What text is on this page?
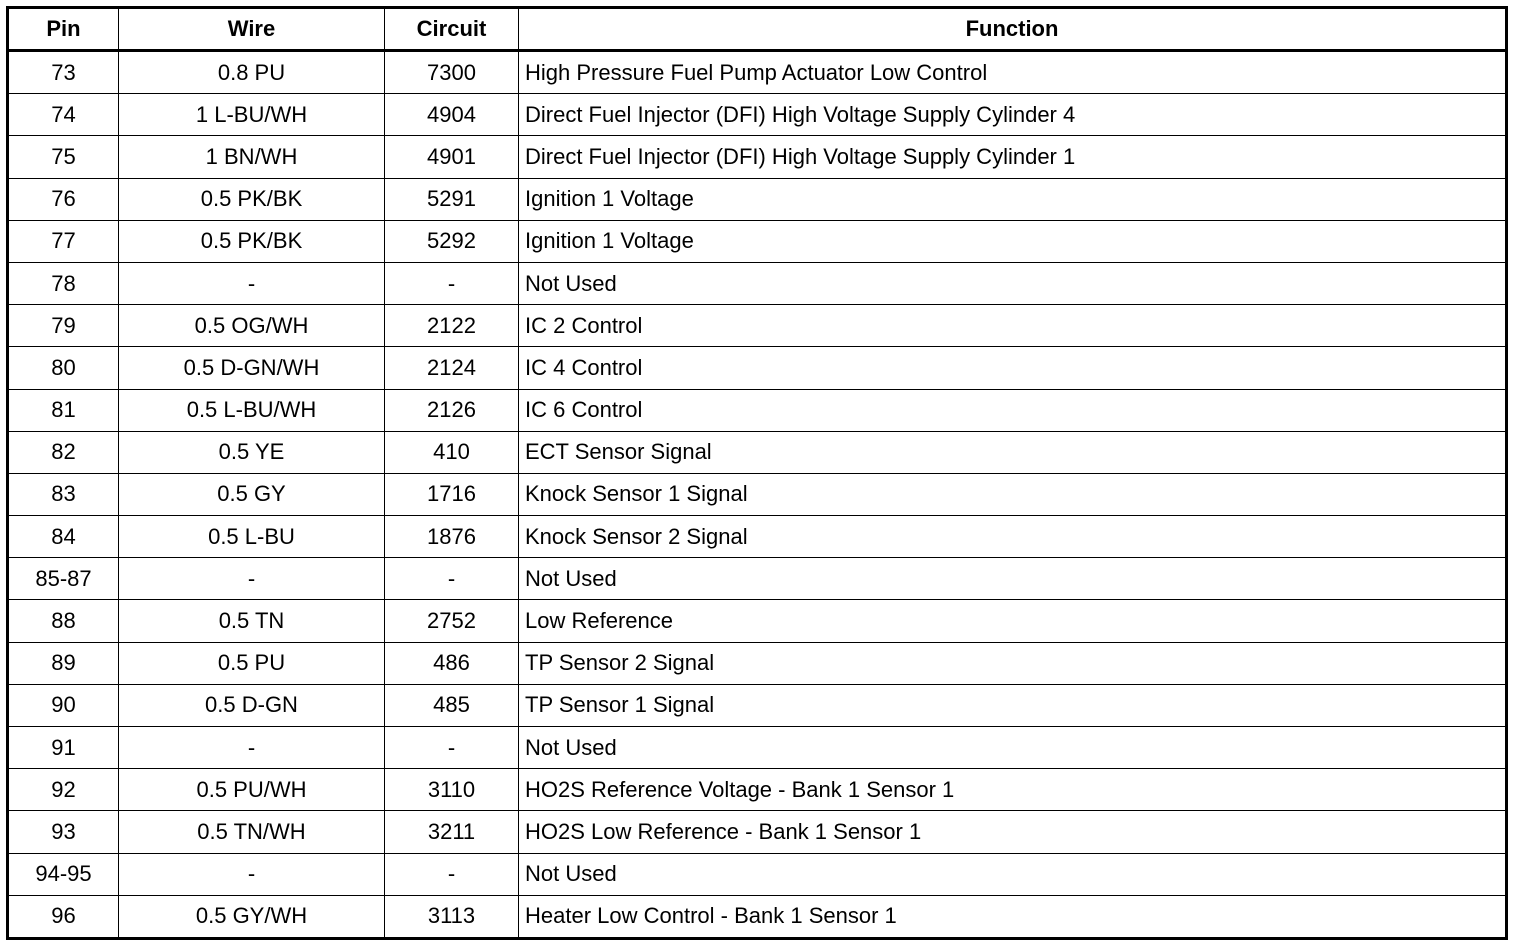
Pin	Wire	Circuit	Function
73	0.8 PU	7300	High Pressure Fuel Pump Actuator Low Control
74	1 L-BU/WH	4904	Direct Fuel Injector (DFI) High Voltage Supply Cylinder 4
75	1 BN/WH	4901	Direct Fuel Injector (DFI) High Voltage Supply Cylinder 1
76	0.5 PK/BK	5291	Ignition 1 Voltage
77	0.5 PK/BK	5292	Ignition 1 Voltage
78	-	-	Not Used
79	0.5 OG/WH	2122	IC 2 Control
80	0.5 D-GN/WH	2124	IC 4 Control
81	0.5 L-BU/WH	2126	IC 6 Control
82	0.5 YE	410	ECT Sensor Signal
83	0.5 GY	1716	Knock Sensor 1 Signal
84	0.5 L-BU	1876	Knock Sensor 2 Signal
85-87	-	-	Not Used
88	0.5 TN	2752	Low Reference
89	0.5 PU	486	TP Sensor 2 Signal
90	0.5 D-GN	485	TP Sensor 1 Signal
91	-	-	Not Used
92	0.5 PU/WH	3110	HO2S Reference Voltage - Bank 1 Sensor 1
93	0.5 TN/WH	3211	HO2S Low Reference - Bank 1 Sensor 1
94-95	-	-	Not Used
96	0.5 GY/WH	3113	Heater Low Control - Bank 1 Sensor 1
